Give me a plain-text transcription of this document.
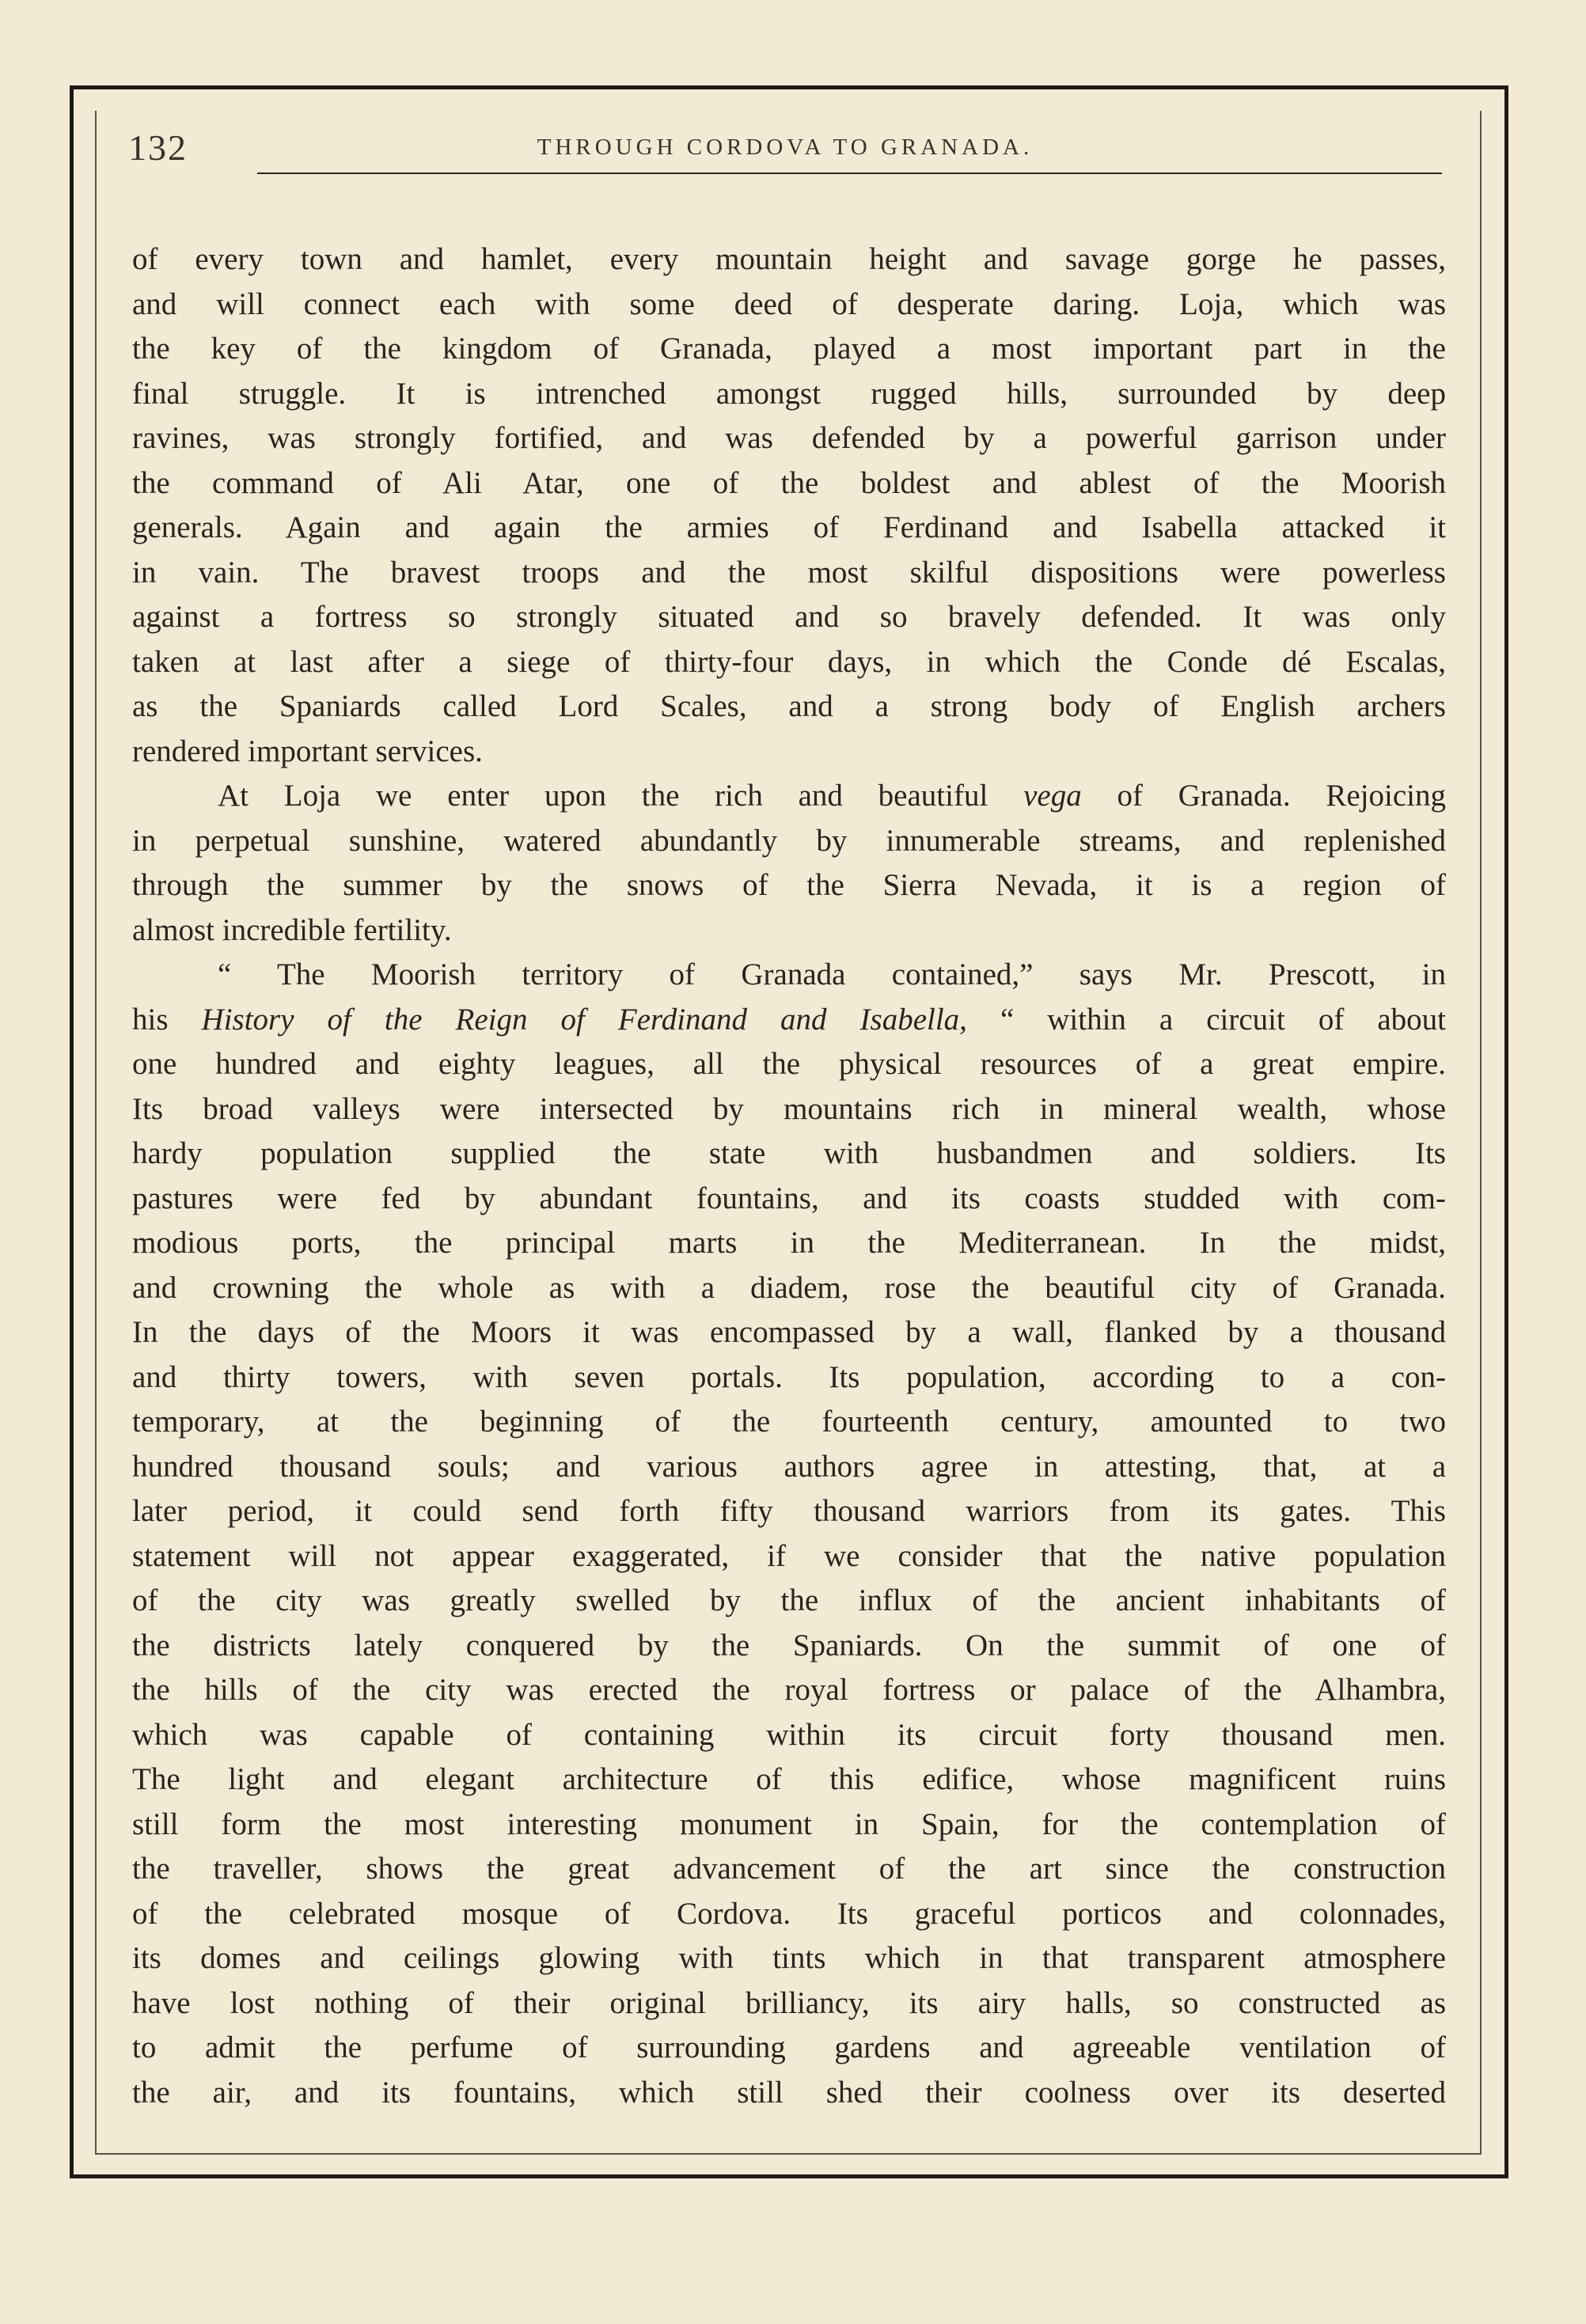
132	THROUGH CORDOVA TO GRANADA.
of every town and hamlet, every mountain height and savage gorge he passes,
and will connect each with some deed of desperate daring. Loja, which was
the key of the kingdom of Granada, played a most important part in the
final struggle. It is intrenched amongst rugged hills, surrounded by deep
ravines, was strongly fortified, and was defended by a powerful garrison under
the command of Ali Atar, one of the boldest and ablest of the Moorish
generals. Again and again the armies of Ferdinand and Isabella attacked it
in vain. The bravest troops and the most skilful dispositions were powerless
against a fortress so strongly situated and so bravely defended. It was only
taken at last after a siege of thirty-four days, in which the Conde dé Escalas,
as the Spaniards called Lord Scales, and a strong body of English archers
rendered important services.
At Loja we enter upon the rich and beautiful vega of Granada. Rejoicing
in perpetual sunshine, watered abundantly by innumerable streams, and replenished
through the summer by the snows of the Sierra Nevada, it is a region of
almost incredible fertility.
“ The Moorish territory of Granada contained,” says Mr. Prescott, in
his History of the Reign of Ferdinand and Isabella, “ within a circuit of about
one hundred and eighty leagues, all the physical resources of a great empire.
Its broad valleys were intersected by mountains rich in mineral wealth, whose
hardy population supplied the state with husbandmen and soldiers. Its
pastures were fed by abundant fountains, and its coasts studded with com-
modious ports, the principal marts in the Mediterranean. In the midst,
and crowning the whole as with a diadem, rose the beautiful city of Granada.
In the days of the Moors it was encompassed by a wall, flanked by a thousand
and thirty towers, with seven portals. Its population, according to a con-
temporary, at the beginning of the fourteenth century, amounted to two
hundred thousand souls; and various authors agree in attesting, that, at a
later period, it could send forth fifty thousand warriors from its gates. This
statement will not appear exaggerated, if we consider that the native population
of the city was greatly swelled by the influx of the ancient inhabitants of
the districts lately conquered by the Spaniards. On the summit of one of
the hills of the city was erected the royal fortress or palace of the Alhambra,
which was capable of containing within its circuit forty thousand men.
The light and elegant architecture of this edifice, whose magnificent ruins
still form the most interesting monument in Spain, for the contemplation of
the traveller, shows the great advancement of the art since the construction
of the celebrated mosque of Cordova. Its graceful porticos and colonnades,
its domes and ceilings glowing with tints which in that transparent atmosphere
have lost nothing of their original brilliancy, its airy halls, so constructed as
to admit the perfume of surrounding gardens and agreeable ventilation of
the air, and its fountains, which still shed their coolness over its deserted
